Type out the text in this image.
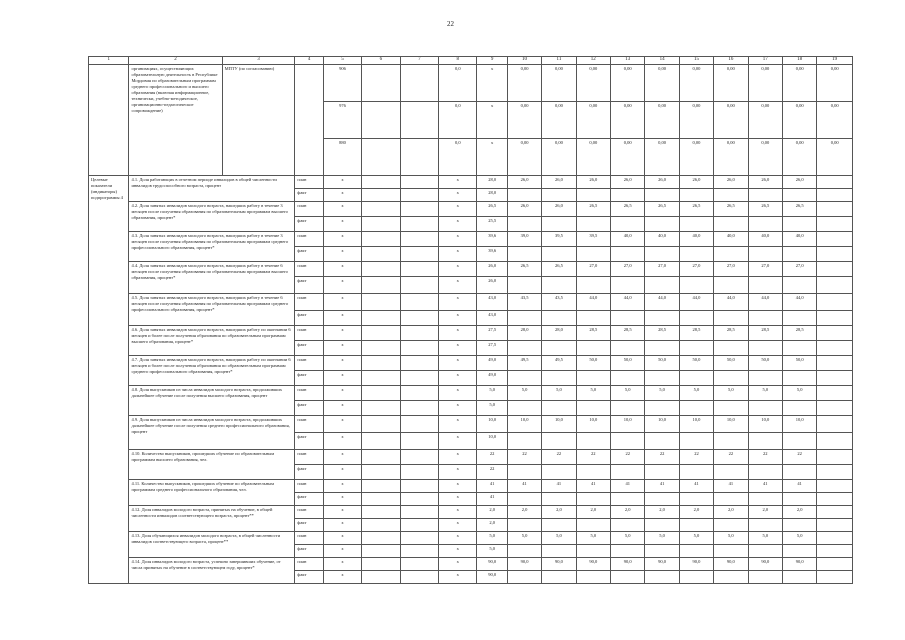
22
1	2	3	4	5	6	7	8	9	10	11	12	13	14	15	16	17	18	19
	организациях, осуществляющих образовательную деятельность в Республике Мордовия по образовательным программам среднего профессионального и высшего образования (включая информационное, технически, учебно-методическое, организационно-педагогическое сопровождение)	МПТУ (по согласованию)		906			0,0	х	0,00	0,00	0,00	0,00	0,00	0,00	0,00	0,00	0,00	0,00
				976			0,0	х	0,00	0,00	0,00	0,00	0,00	0,00	0,00	0,00	0,00	0,00
				880			0,0	х	0,00	0,00	0,00	0,00	0,00	0,00	0,00	0,00	0,00	0,00
Целевые показатели (индикаторы) подпрограммы 4	4.1. Доля работающих в отчетном периоде инвалидов в общей численности инвалидов трудоспособного возраста, процент		план	х			х	28,0	26,0	26,0	26,0	26,0	26,0	26,0	26,0	26,0	26,0	
			факт	х			х	28,0										
	4.2. Доля занятых инвалидов молодого возраста, нашедших работу в течение 3 месяцев после получения образования по образовательным программам высшего образования, процент*		план	х			х	26,5	26,0	26,0	26,5	26,5	26,5	26,5	26,5	26,5	26,5	
			факт	х			х	25,5										
	4.3. Доля занятых инвалидов молодого возраста, нашедших работу в течение 3 месяцев после получения образования по образовательным программам среднего профессионального образования, процент*		план	х			х	39,6	39,0	39,5	39,5	40,0	40,0	40,0	40,0	40,0	40,0	
			факт	х			х	39,6										
	4.4. Доля занятых инвалидов молодого возраста, нашедших работу в течение 6 месяцев после получения образования по образовательным программам высшего образования, процент*		план	х			х	26,0	26,5	26,5	27,0	27,0	27,0	27,0	27,0	27,0	27,0	
			факт	х			х	26,0										
	4.5. Доля занятых инвалидов молодого возраста, нашедших работу в течение 6 месяцев после получения образования по образовательным программам среднего профессионального образования, процент*		план	х			х	43,0	43,5	43,5	44,0	44,0	44,0	44,0	44,0	44,0	44,0	
			факт	х			х	43,0										
	4.6. Доля занятых инвалидов молодого возраста, нашедших работу по окончании 6 месяцев и более после получения образования по образовательным программам высшего образования, процент*		план	х			х	27,5	28,0	28,0	28,5	28,5	28,5	28,5	28,5	28,5	28,5	
			факт	х			х	27,5										
	4.7. Доля занятых инвалидов молодого возраста, нашедших работу по окончании 6 месяцев и более после получения образования по образовательным программам среднего профессионального образования, процент*		план	х			х	49,0	49,5	49,5	50,0	50,0	50,0	50,0	50,0	50,0	50,0	
			факт	х			х	49,0										
	4.8. Доля выпускников из числа инвалидов молодого возраста, продолживших дальнейшее обучение после получения высшего образования, процент		план	х			х	5,0	5,0	5,0	5,0	5,0	5,0	5,0	5,0	5,0	5,0	
			факт	х			х	5,0										
	4.9. Доля выпускников из числа инвалидов молодого возраста, продолживших дальнейшее обучение после получения среднего профессионального образования, процент		план	х			х	10,0	10,0	10,0	10,0	10,0	10,0	10,0	10,0	10,0	10,0	
			факт	х			х	10,0										
	4.10. Количество выпускников, прошедших обучение по образовательным программам высшего образования, чел.		план	х			х	22	22	22	22	22	22	22	22	22	22	
			факт	х			х	22										
	4.11. Количество выпускников, прошедших обучение по образовательным программам среднего профессионального образования, чел.		план	х			х	41	41	41	41	41	41	41	41	41	41	
			факт	х			х	41										
	4.12. Доля инвалидов молодого возраста, принятых на обучение, в общей численности инвалидов соответствующего возраста, процент**		план	х			х	2,0	2,0	2,0	2,0	2,0	2,0	2,0	2,0	2,0	2,0	
			факт	х			х	2,0										
	4.13. Доля обучающихся инвалидов молодого возраста, в общей численности инвалидов соответствующего возраста, процент**		план	х			х	5,0	5,0	5,0	5,0	5,0	5,0	5,0	5,0	5,0	5,0	
			факт	х			х	5,0										
	4.14. Доля инвалидов молодого возраста, успешно завершивших обучение, от числа принятых на обучение в соответствующем году, процент*		план	х			х	90,0	90,0	90,0	90,0	90,0	90,0	90,0	90,0	90,0	90,0	
			факт	х			х	90,0										
